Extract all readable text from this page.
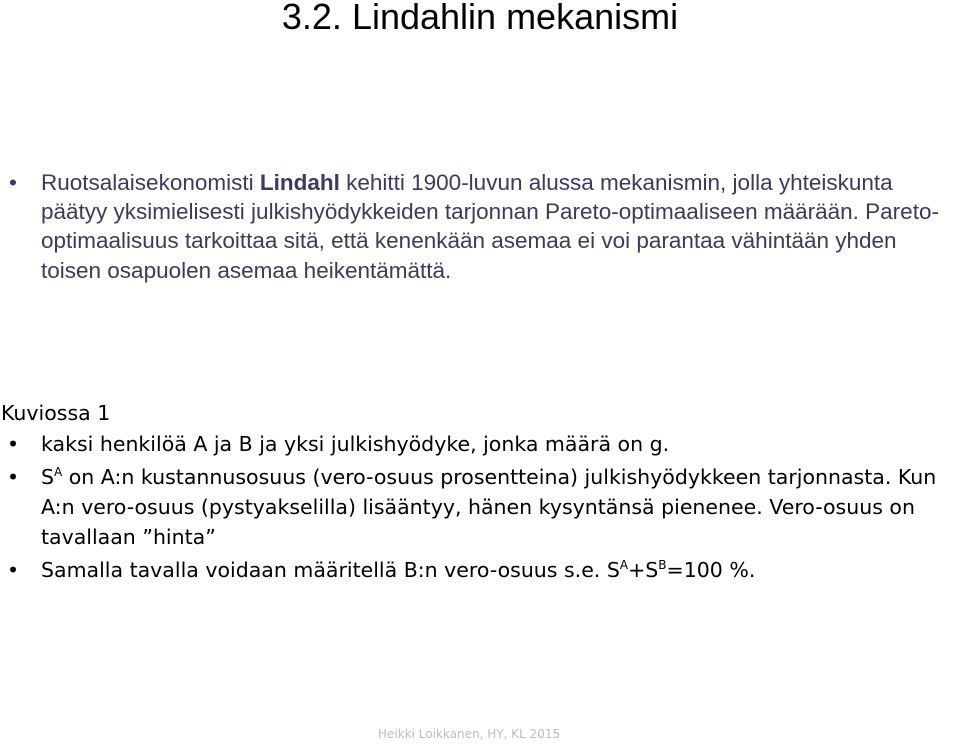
3.2. Lindahlin mekanismi
• Ruotsalaisekonomisti Lindahl kehitti 1900-luvun alussa mekanismin, jolla yhteiskunta päätyy yksimielisesti julkishyödykkeiden tarjonnan Pareto-optimaaliseen määrään. Pareto-optimaalisuus tarkoittaa sitä, että kenenkään asemaa ei voi parantaa vähintään yhden toisen osapuolen asemaa heikentämättä.
Kuviossa 1
• kaksi henkilöä A ja B ja yksi julkishyödyke, jonka määrä on g.
• $S^A$ on A:n kustannusosuus (vero-osuus prosentteina) julkishyödykkeen tarjonnasta. Kun A:n vero-osuus (pystyakselilla) lisääntyy, hänen kysyntänsä pienenee. Vero-osuus on tavallaan ”hinta”
• Samalla tavalla voidaan määritellä B:n vero-osuus s.e. $S^A+S^B=100$ %.
Heikki Loikkanen, HY, KL 2015
